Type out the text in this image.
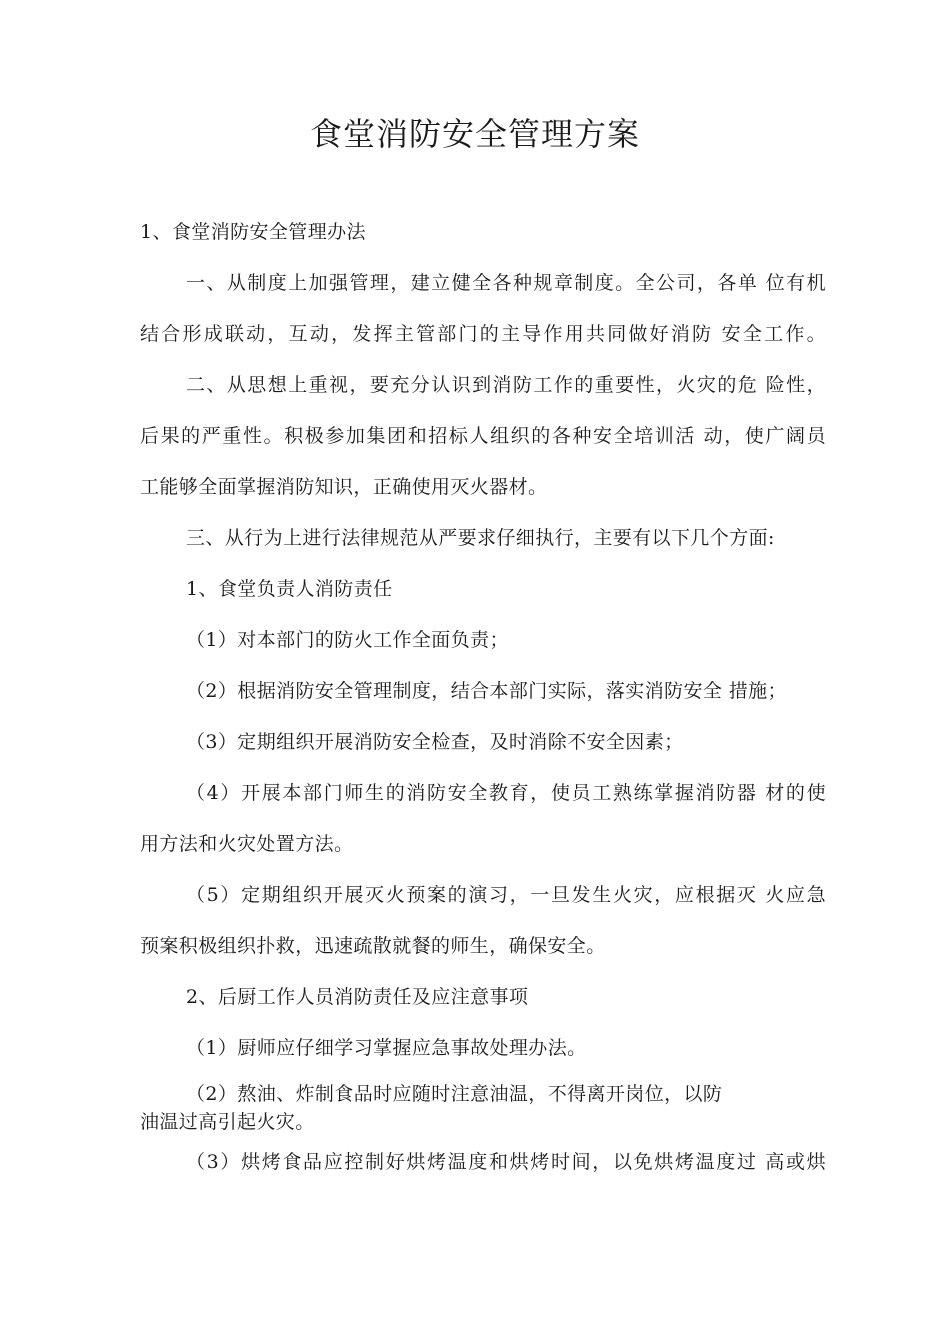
食堂消防安全管理方案
1、食堂消防安全管理办法
一、从制度上加强管理，建立健全各种规章制度。全公司，各单 位有机
结合形成联动，互动，发挥主管部门的主导作用共同做好消防 安全工作。
二、从思想上重视，要充分认识到消防工作的重要性，火灾的危 险性，
后果的严重性。积极参加集团和招标人组织的各种安全培训活 动，使广阔员
工能够全面掌握消防知识，正确使用灭火器材。
三、从行为上进行法律规范从严要求仔细执行，主要有以下几个方面:
1、食堂负责人消防责任
（1）对本部门的防火工作全面负责；
（2）根据消防安全管理制度，结合本部门实际，落实消防安全 措施；
（3）定期组织开展消防安全检查，及时消除不安全因素；
（4）开展本部门师生的消防安全教育，使员工熟练掌握消防器 材的使
用方法和火灾处置方法。
（5）定期组织开展灭火预案的演习，一旦发生火灾，应根据灭 火应急
预案积极组织扑救，迅速疏散就餐的师生，确保安全。
2、后厨工作人员消防责任及应注意事项
（1）厨师应仔细学习掌握应急事故处理办法。
（2）熬油、炸制食品时应随时注意油温，不得离开岗位，以防
油温过高引起火灾。
（3）烘烤食品应控制好烘烤温度和烘烤时间，以免烘烤温度过 高或烘
